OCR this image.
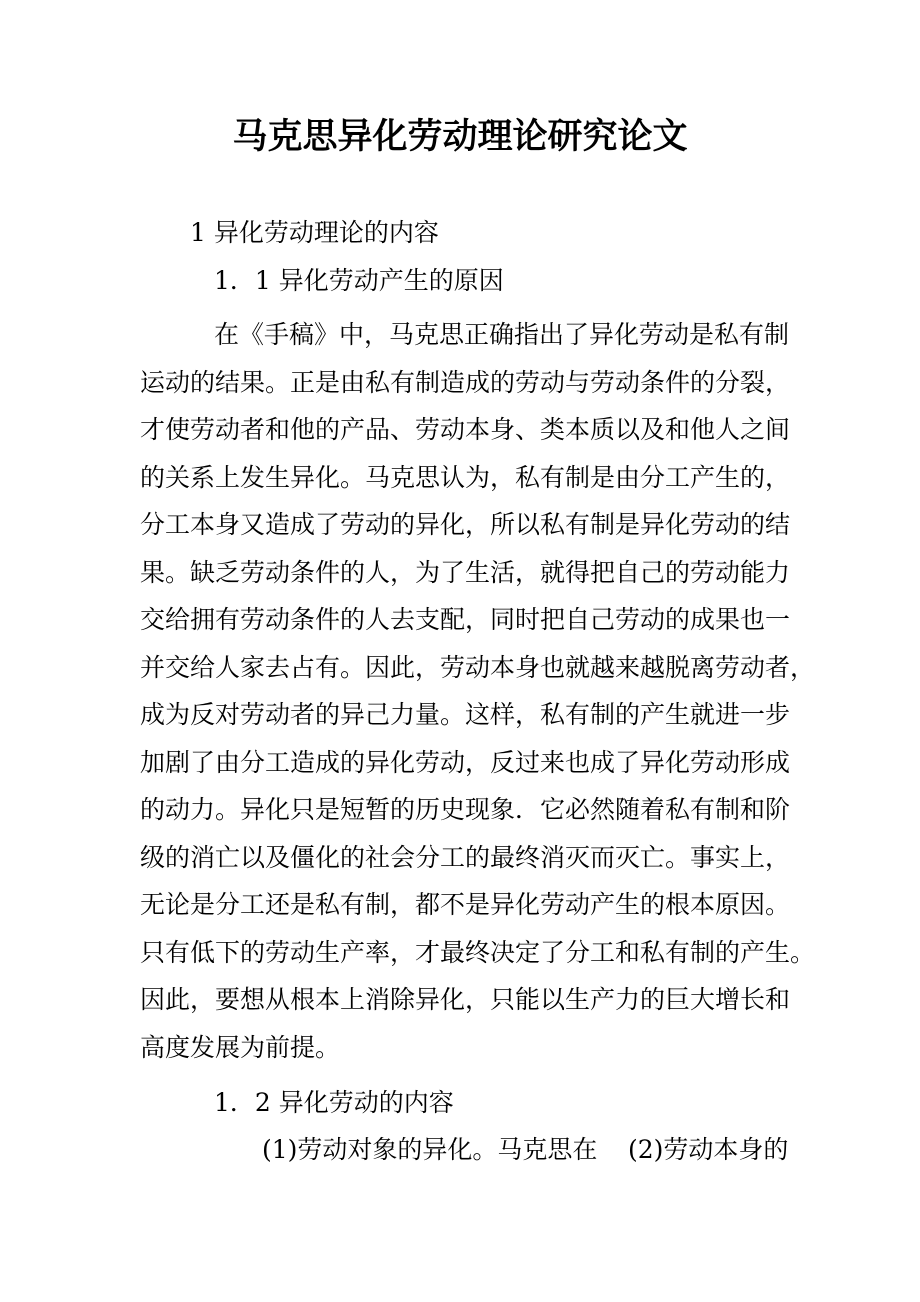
马克思异化劳动理论研究论文
1 异化劳动理论的内容
1．1 异化劳动产生的原因
在《手稿》中，马克思正确指出了异化劳动是私有制
运动的结果。正是由私有制造成的劳动与劳动条件的分裂，
才使劳动者和他的产品、劳动本身、类本质以及和他人之间
的关系上发生异化。马克思认为，私有制是由分工产生的，
分工本身又造成了劳动的异化，所以私有制是异化劳动的结
果。缺乏劳动条件的人，为了生活，就得把自己的劳动能力
交给拥有劳动条件的人去支配，同时把自己劳动的成果也一
并交给人家去占有。因此，劳动本身也就越来越脱离劳动者，
成为反对劳动者的异己力量。这样，私有制的产生就进一步
加剧了由分工造成的异化劳动，反过来也成了异化劳动形成
的动力。异化只是短暂的历史现象．它必然随着私有制和阶
级的消亡以及僵化的社会分工的最终消灭而灭亡。事实上，
无论是分工还是私有制，都不是异化劳动产生的根本原因。
只有低下的劳动生产率，才最终决定了分工和私有制的产生。
因此，要想从根本上消除异化，只能以生产力的巨大增长和
高度发展为前提。
1．2 异化劳动的内容
(1)劳动对象的异化。马克思在 (2)劳动本身的
